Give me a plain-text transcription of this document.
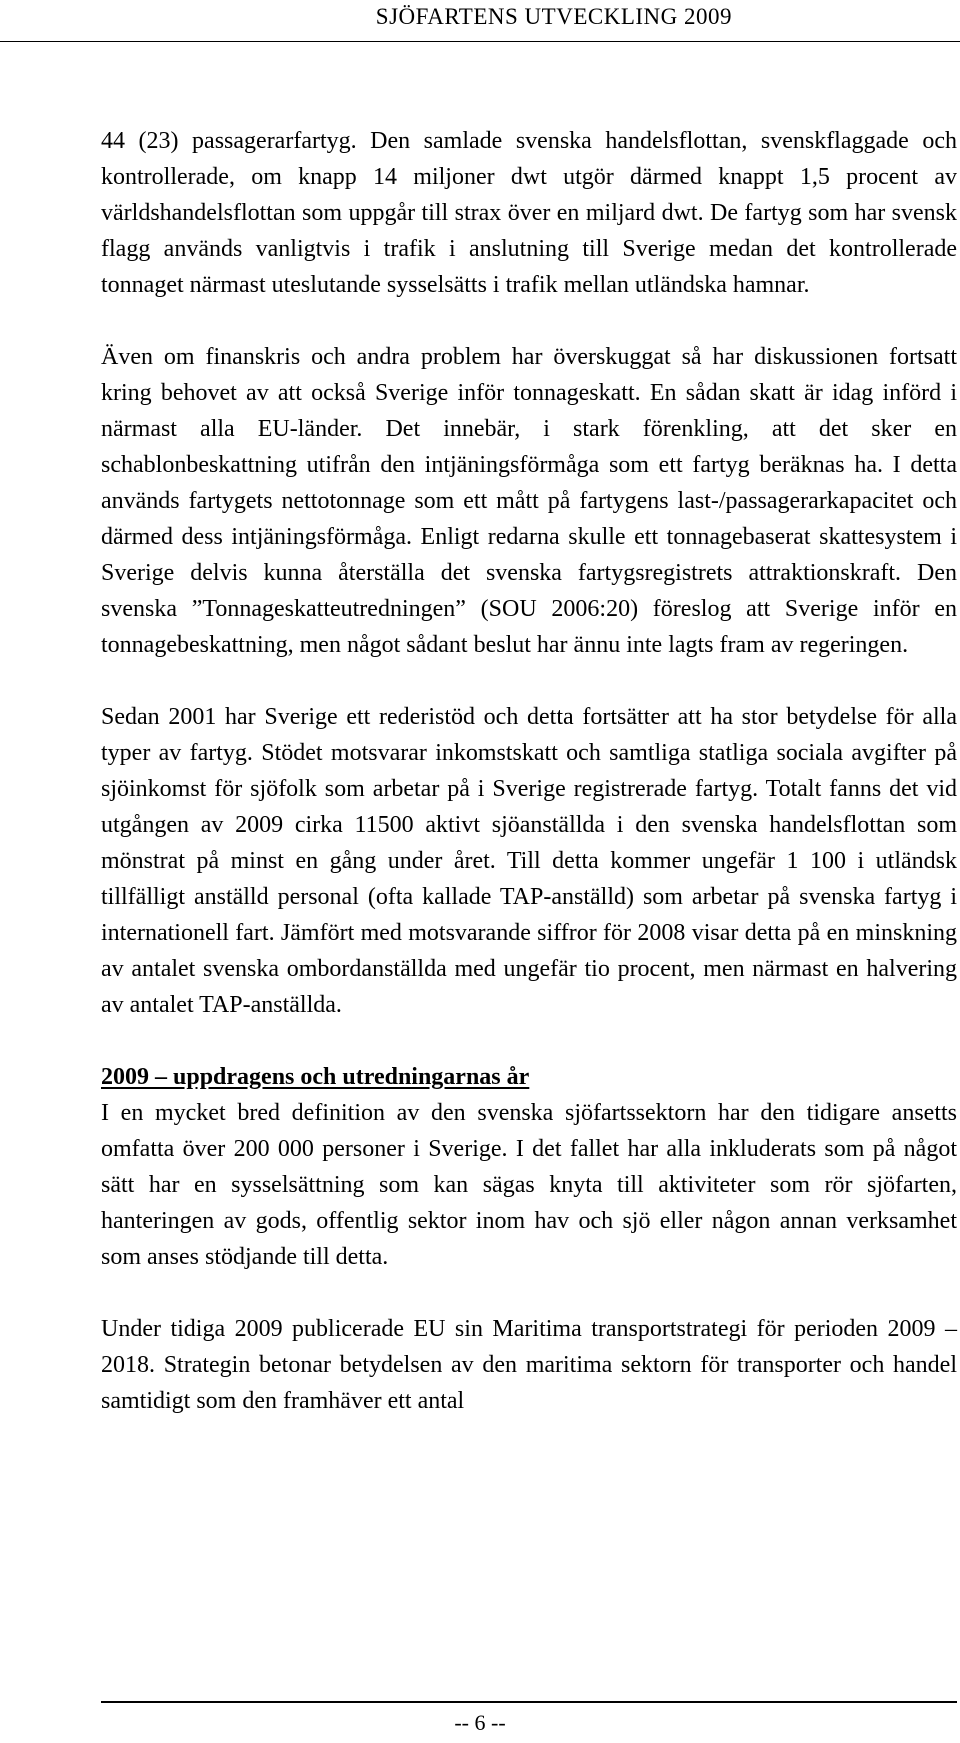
SJÖFARTENS UTVECKLING 2009

44 (23) passagerarfartyg. Den samlade svenska handelsflottan, svenskflaggade och kontrollerade, om knapp 14 miljoner dwt utgör därmed knappt 1,5 procent av världshandelsflottan som uppgår till strax över en miljard dwt. De fartyg som har svensk flagg används vanligtvis i trafik i anslutning till Sverige medan det kontrollerade tonnaget närmast uteslutande sysselsätts i trafik mellan utländska hamnar.

Även om finanskris och andra problem har överskuggat så har diskussionen fortsatt kring behovet av att också Sverige inför tonnageskatt. En sådan skatt är idag införd i närmast alla EU-länder. Det innebär, i stark förenkling, att det sker en schablonbeskattning utifrån den intjäningsförmåga som ett fartyg beräknas ha. I detta används fartygets nettotonnage som ett mått på fartygens last-/passagerarkapacitet och därmed dess intjäningsförmåga. Enligt redarna skulle ett tonnagebaserat skattesystem i Sverige delvis kunna återställa det svenska fartygsregistrets attraktionskraft. Den svenska ”Tonnageskatteutredningen” (SOU 2006:20) föreslog att Sverige inför en tonnagebeskattning, men något sådant beslut har ännu inte lagts fram av regeringen.

Sedan 2001 har Sverige ett rederistöd och detta fortsätter att ha stor betydelse för alla typer av fartyg. Stödet motsvarar inkomstskatt och samtliga statliga sociala avgifter på sjöinkomst för sjöfolk som arbetar på i Sverige registrerade fartyg. Totalt fanns det vid utgången av 2009 cirka 11500 aktivt sjöanställda i den svenska handelsflottan som mönstrat på minst en gång under året. Till detta kommer ungefär 1 100 i utländsk tillfälligt anställd personal (ofta kallade TAP-anställd) som arbetar på svenska fartyg i internationell fart. Jämfört med motsvarande siffror för 2008 visar detta på en minskning av antalet svenska ombordanställda med ungefär tio procent, men närmast en halvering av antalet TAP-anställda.

2009 – uppdragens och utredningarnas år

I en mycket bred definition av den svenska sjöfartssektorn har den tidigare ansetts omfatta över 200 000 personer i Sverige. I det fallet har alla inkluderats som på något sätt har en sysselsättning som kan sägas knyta till aktiviteter som rör sjöfarten, hanteringen av gods, offentlig sektor inom hav och sjö eller någon annan verksamhet som anses stödjande till detta.

Under tidiga 2009 publicerade EU sin Maritima transportstrategi för perioden 2009 – 2018. Strategin betonar betydelsen av den maritima sektorn för transporter och handel samtidigt som den framhäver ett antal

-- 6 --
